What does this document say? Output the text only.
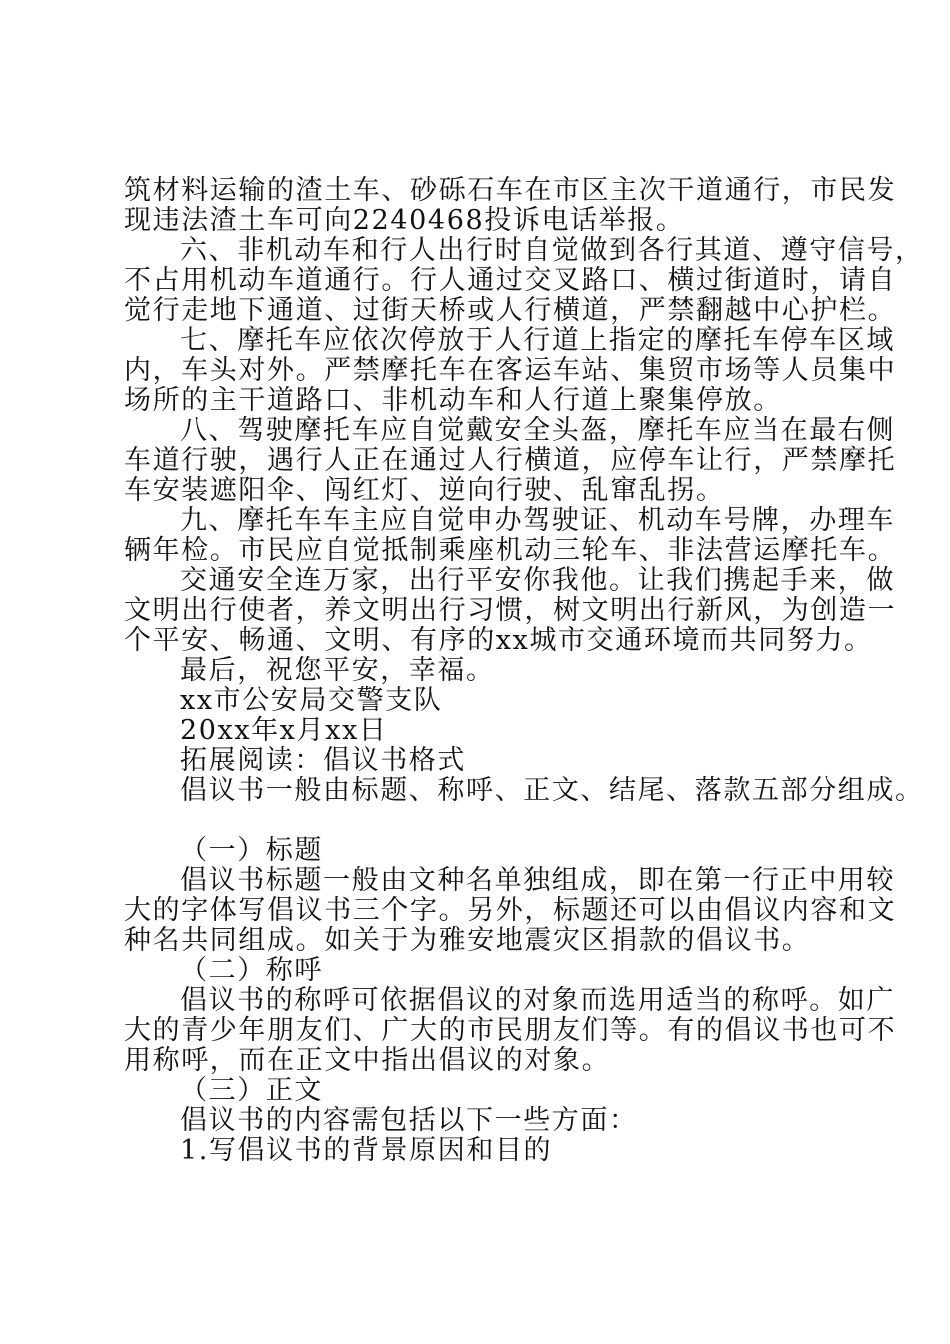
筑材料运输的渣土车、砂砾石车在市区主次干道通行，市民发
现违法渣土车可向2240468投诉电话举报。
六、非机动车和行人出行时自觉做到各行其道、遵守信号，
不占用机动车道通行。行人通过交叉路口、横过街道时，请自
觉行走地下通道、过街天桥或人行横道，严禁翻越中心护栏。
七、摩托车应依次停放于人行道上指定的摩托车停车区域
内，车头对外。严禁摩托车在客运车站、集贸市场等人员集中
场所的主干道路口、非机动车和人行道上聚集停放。
八、驾驶摩托车应自觉戴安全头盔，摩托车应当在最右侧
车道行驶，遇行人正在通过人行横道，应停车让行，严禁摩托
车安装遮阳伞、闯红灯、逆向行驶、乱窜乱拐。
九、摩托车车主应自觉申办驾驶证、机动车号牌，办理车
辆年检。市民应自觉抵制乘座机动三轮车、非法营运摩托车。
交通安全连万家，出行平安你我他。让我们携起手来，做
文明出行使者，养文明出行习惯，树文明出行新风，为创造一
个平安、畅通、文明、有序的xx城市交通环境而共同努力。
最后，祝您平安，幸福。
xx市公安局交警支队
20xx年x月xx日
拓展阅读：倡议书格式
倡议书一般由标题、称呼、正文、结尾、落款五部分组成。
（一）标题
倡议书标题一般由文种名单独组成，即在第一行正中用较
大的字体写倡议书三个字。另外，标题还可以由倡议内容和文
种名共同组成。如关于为雅安地震灾区捐款的倡议书。
（二）称呼
倡议书的称呼可依据倡议的对象而选用适当的称呼。如广
大的青少年朋友们、广大的市民朋友们等。有的倡议书也可不
用称呼，而在正文中指出倡议的对象。
（三）正文
倡议书的内容需包括以下一些方面：
1.写倡议书的背景原因和目的
